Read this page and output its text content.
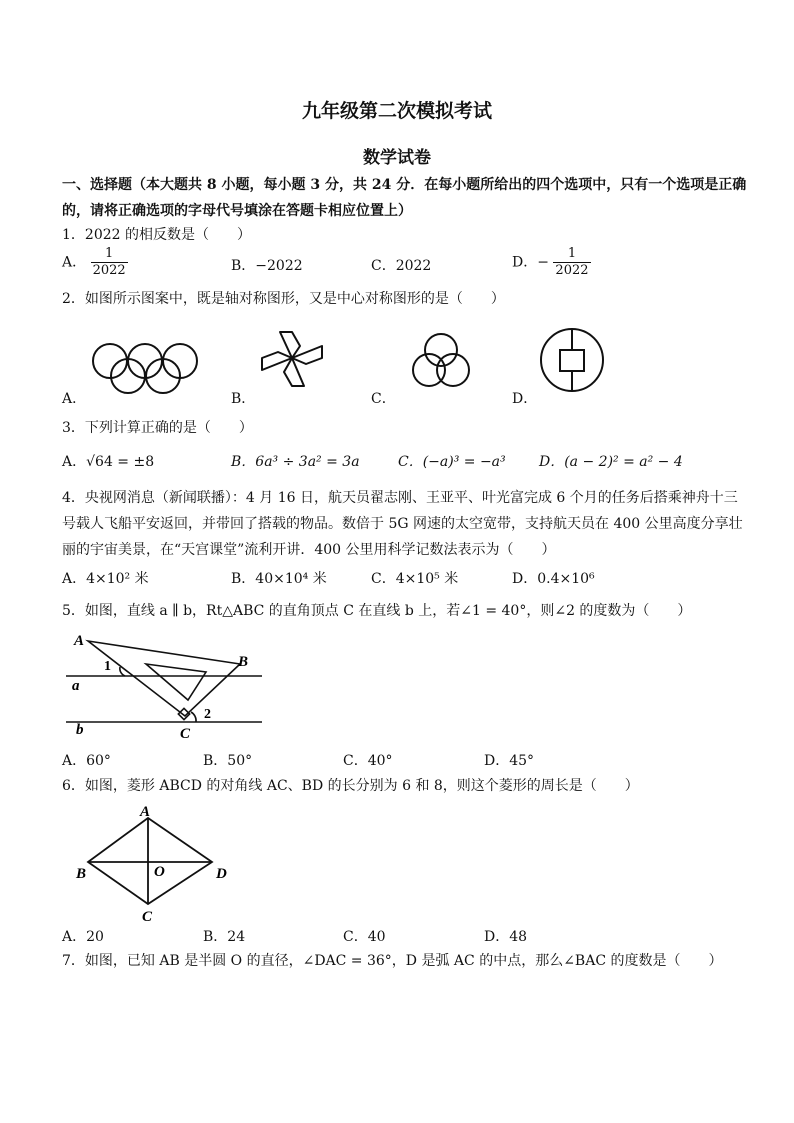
九年级第二次模拟考试
数学试卷
一、选择题（本大题共 8 小题，每小题 3 分，共 24 分．在每小题所给出的四个选项中，只有一个选项是正确
的，请将正确选项的字母代号填涂在答题卡相应位置上）
1．2022 的相反数是（　　）
A． $\frac{1}{2022}$	B．−2022	C．2022	D．− $\frac{1}{2022}$
2．如图所示图案中，既是轴对称图形，又是中心对称图形的是（　　）
A．	B．	C．	D．
3．下列计算正确的是（　　）
A．√64 = ±8	B．6a³ ÷ 3a² = 3a	C．(−a)³ = −a³ D．(a − 2)² = a² − 4
4．央视网消息（新闻联播）：4 月 16 日，航天员翟志刚、王亚平、叶光富完成 6 个月的任务后搭乘神舟十三
号载人飞船平安返回，并带回了搭载的物品。数倍于 5G 网速的太空宽带，支持航天员在 400 公里高度分享壮
丽的宇宙美景，在“天宫课堂”流利开讲．400 公里用科学记数法表示为（　　）
A．4×10² 米	B．40×10⁴ 米	C．4×10⁵ 米	D．0.4×10⁶
5．如图，直线 a ∥ b，Rt△ABC 的直角顶点 C 在直线 b 上，若∠1 = 40°，则∠2 的度数为（　　）
A
B
C
a
b
1
2
A．60°	B．50°	C．40°	D．45°
6．如图，菱形 ABCD 的对角线 AC、BD 的长分别为 6 和 8，则这个菱形的周长是（　　）
A
B
C
D
O
A．20	B．24	C．40	D．48
7．如图，已知 AB 是半圆 O 的直径，∠DAC = 36°，D 是弧 AC 的中点，那么∠BAC 的度数是（　　）
